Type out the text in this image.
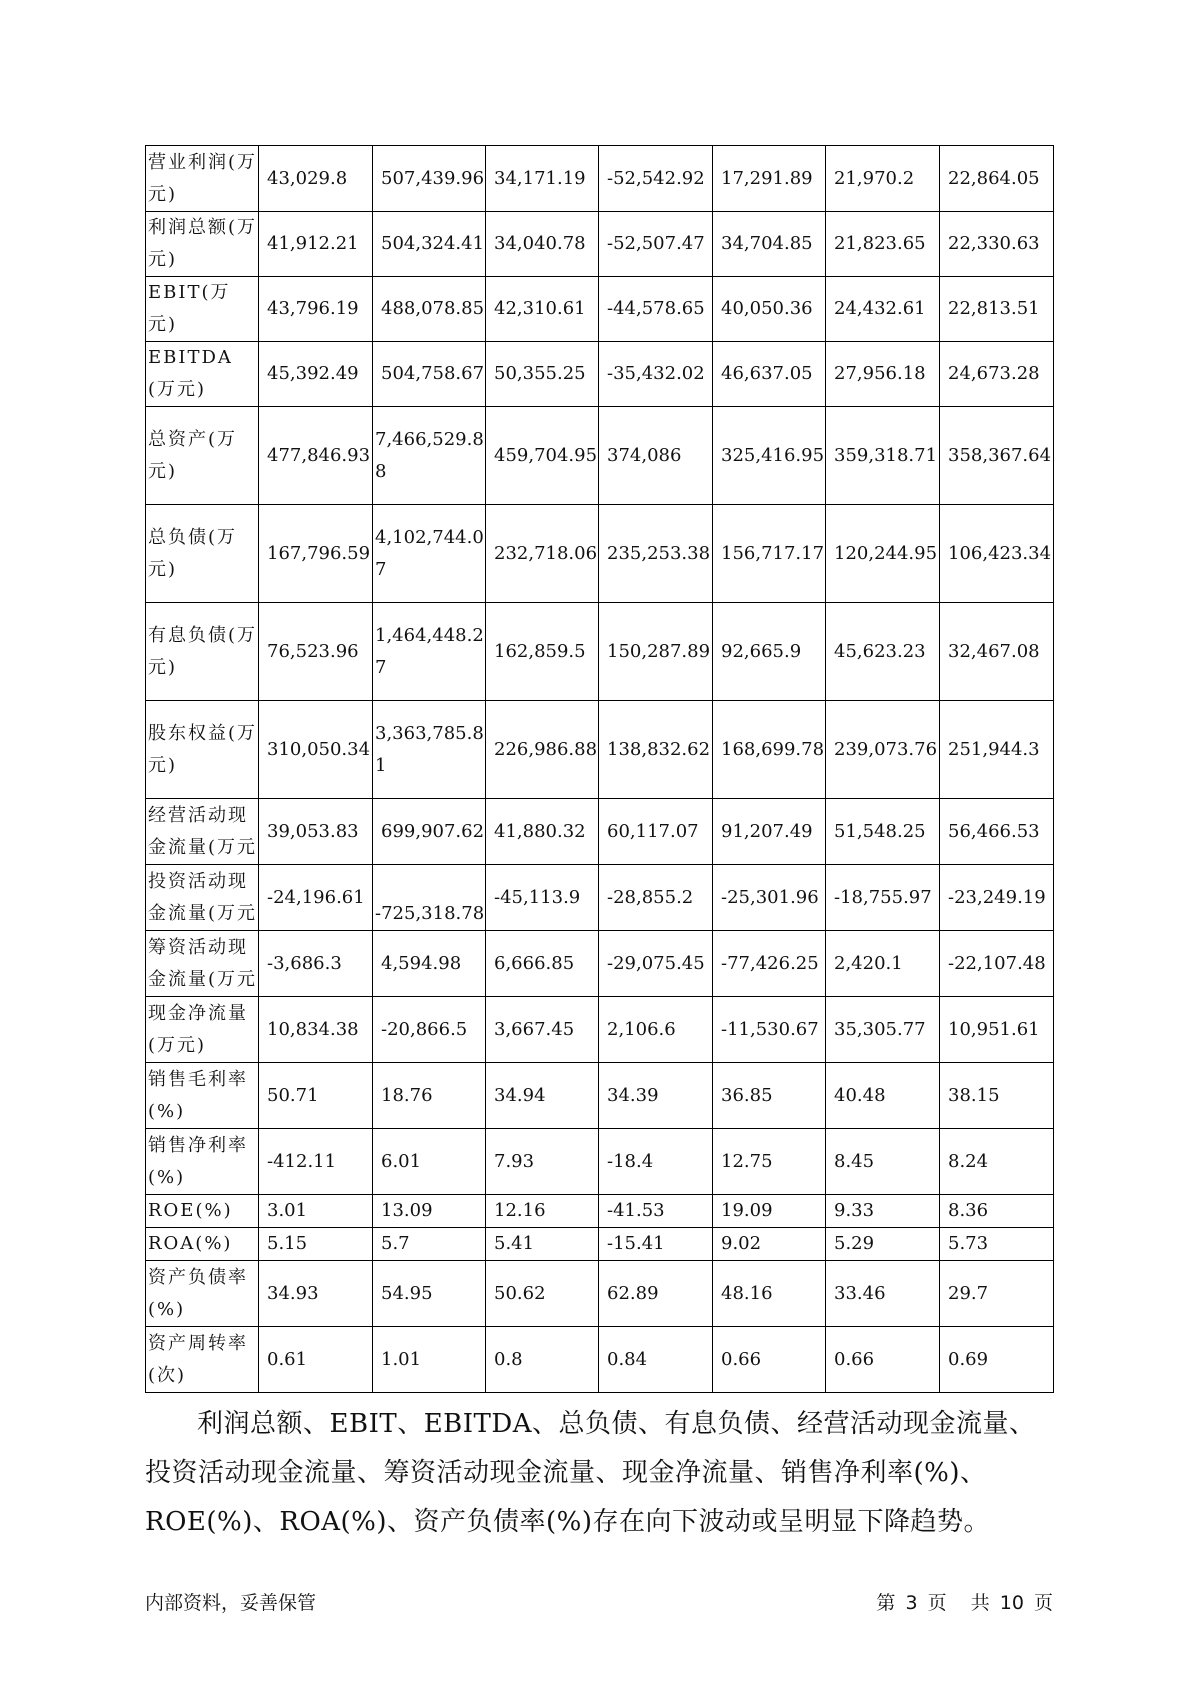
营业利润(万元)	43,029.8	507,439.96	34,171.19	-52,542.92	17,291.89	21,970.2	22,864.05
利润总额(万元)	41,912.21	504,324.41	34,040.78	-52,507.47	34,704.85	21,823.65	22,330.63
EBIT(万元)	43,796.19	488,078.85	42,310.61	-44,578.65	40,050.36	24,432.61	22,813.51
EBITDA(万元)	45,392.49	504,758.67	50,355.25	-35,432.02	46,637.05	27,956.18	24,673.28
总资产(万元)	477,846.93	7,466,529.88	459,704.95	374,086	325,416.95	359,318.71	358,367.64
总负债(万元)	167,796.59	4,102,744.07	232,718.06	235,253.38	156,717.17	120,244.95	106,423.34
有息负债(万元)	76,523.96	1,464,448.27	162,859.5	150,287.89	92,665.9	45,623.23	32,467.08
股东权益(万元)	310,050.34	3,363,785.81	226,986.88	138,832.62	168,699.78	239,073.76	251,944.3
经营活动现金流量(万元	39,053.83	699,907.62	41,880.32	60,117.07	91,207.49	51,548.25	56,466.53
投资活动现金流量(万元	-24,196.61	-725,318.78	-45,113.9	-28,855.2	-25,301.96	-18,755.97	-23,249.19
筹资活动现金流量(万元	-3,686.3	4,594.98	6,666.85	-29,075.45	-77,426.25	2,420.1	-22,107.48
现金净流量(万元)	10,834.38	-20,866.5	3,667.45	2,106.6	-11,530.67	35,305.77	10,951.61
销售毛利率(%)	50.71	18.76	34.94	34.39	36.85	40.48	38.15
销售净利率(%)	-412.11	6.01	7.93	-18.4	12.75	8.45	8.24
ROE(%)	3.01	13.09	12.16	-41.53	19.09	9.33	8.36
ROA(%)	5.15	5.7	5.41	-15.41	9.02	5.29	5.73
资产负债率(%)	34.93	54.95	50.62	62.89	48.16	33.46	29.7
资产周转率(次)	0.61	1.01	0.8	0.84	0.66	0.66	0.69

利润总额、EBIT、EBITDA、总负债、有息负债、经营活动现金流量、投资活动现金流量、筹资活动现金流量、现金净流量、销售净利率(%)、ROE(%)、ROA(%)、资产负债率(%)存在向下波动或呈明显下降趋势。

内部资料，妥善保管	第 3 页 共 10 页
